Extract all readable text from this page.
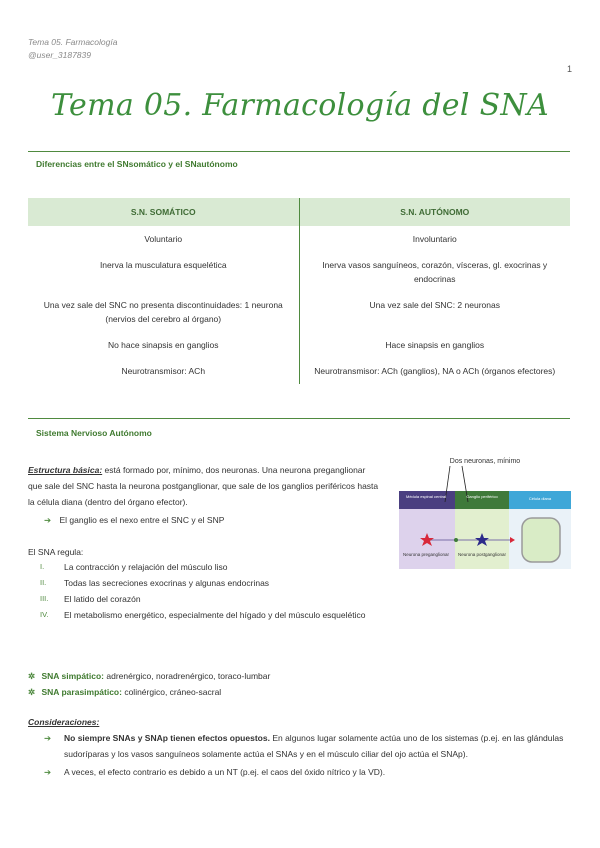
Tema 05. Farmacología
@user_3187839
1
Tema 05. Farmacología del SNA
Diferencias entre el SNsomático y el SNautónomo
S.N. SOMÁTICO	S.N. AUTÓNOMO
Voluntario	Involuntario
Inerva la musculatura esquelética	Inerva vasos sanguíneos, corazón, vísceras, gl. exocrinas y endocrinas
Una vez sale del SNC no presenta discontinuidades: 1 neurona (nervios del cerebro al órgano)	Una vez sale del SNC: 2 neuronas
No hace sinapsis en ganglios	Hace sinapsis en ganglios
Neurotransmisor: ACh	Neurotransmisor: ACh (ganglios), NA o ACh (órganos efectores)
Sistema Nervioso Autónomo
Estructura básica: está formado por, mínimo, dos neuronas. Una neurona preganglionar que sale del SNC hasta la neurona postganglionar, que sale de los ganglios periféricos hasta la célula diana (dentro del órgano efector).
➔ El ganglio es el nexo entre el SNC y el SNP
El SNA regula:
I. La contracción y relajación del músculo liso
II. Todas las secreciones exocrinas y algunas endocrinas
III. El latido del corazón
IV. El metabolismo energético, especialmente del hígado y del músculo esquelético
Dos neuronas, mínimo
Médula espinal central	Ganglio periférico	Célula diana
Neurona preganglionar	Neurona postganglionar
✲ SNA simpático: adrenérgico, noradrenérgico, toraco-lumbar
✲ SNA parasimpático: colinérgico, cráneo-sacral
Consideraciones:
➔ No siempre SNAs y SNAp tienen efectos opuestos. En algunos lugar solamente actúa uno de los sistemas (p.ej. en las glándulas sudoríparas y los vasos sanguíneos solamente actúa el SNAs y en el músculo ciliar del ojo actúa el SNAp).
➔ A veces, el efecto contrario es debido a un NT (p.ej. el caos del óxido nítrico y la VD).
